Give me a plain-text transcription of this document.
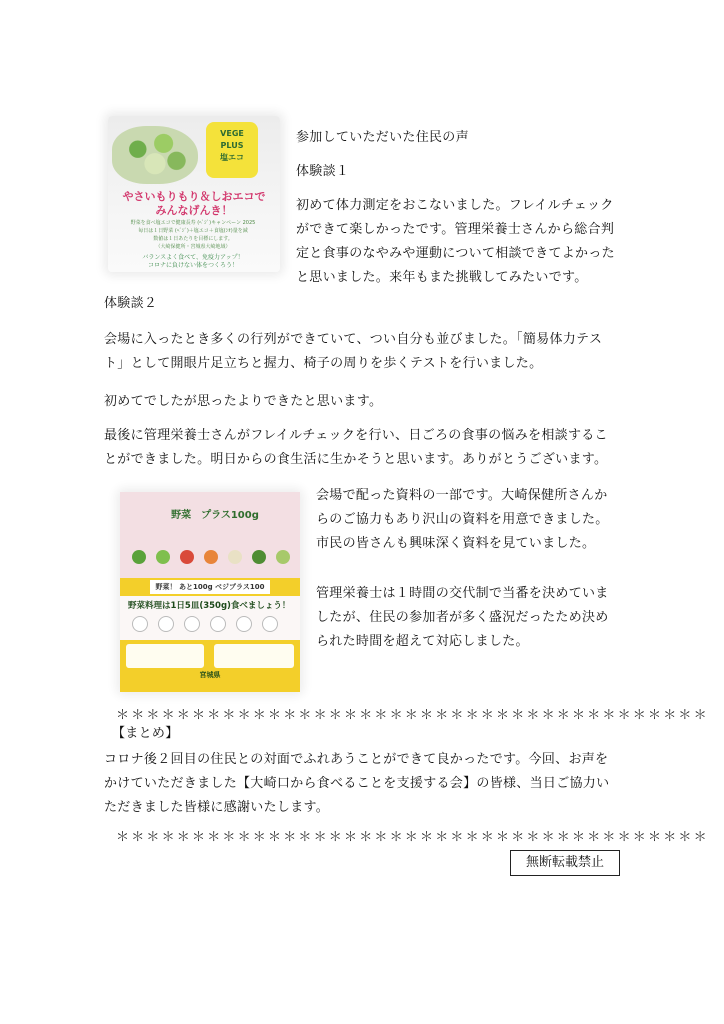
VEGE
PLUS
塩エコ
やさいもりもり＆しおエコで
みんなげんき！
野菜を食べ塩エコで健康長寿 (ﾍﾞｼﾞ)キャンペーン 2025
毎日は１日野菜 (ﾍﾞｼﾞ)＋塩エコ＋食塩(ｼｵ)量を減
数値は１日あたりを目標にします。
（大崎保健所・宮城県大崎地域）
バランスよく食べて、免疫力アップ！
コロナに負けない体をつくろう！

参加していただいた住民の声

体験談１

初めて体力測定をおこないました。フレイルチェック
ができて楽しかったです。管理栄養士さんから総合判
定と食事のなやみや運動について相談できてよかった
と思いました。来年もまた挑戦してみたいです。

体験談２

会場に入ったとき多くの行列ができていて、つい自分も並びました。「簡易体力テス
ト」として開眼片足立ちと握力、椅子の周りを歩くテストを行いました。

初めてでしたが思ったよりできたと思います。

最後に管理栄養士さんがフレイルチェックを行い、日ごろの食事の悩みを相談するこ
とができました。明日からの食生活に生かそうと思います。ありがとうございます。
野菜　プラス100g
野菜！ あと100g ベジプラス100
野菜料理は1日5皿(350g)食べましょう！
宮城県
会場で配った資料の一部です。大崎保健所さんか
らのご協力もあり沢山の資料を用意できました。
市民の皆さんも興味深く資料を見ていました。
管理栄養士は１時間の交代制で当番を決めていま
したが、住民の参加者が多く盛況だったため決め
られた時間を超えて対応しました。
＊＊＊＊＊＊＊＊＊＊＊＊＊＊＊＊＊＊＊＊＊＊＊＊＊＊＊＊＊＊＊＊＊＊＊＊＊＊＊

【まとめ】

コロナ後２回目の住民との対面でふれあうことができて良かったです。今回、お声を
かけていただきました【大崎口から食べることを支援する会】の皆様、当日ご協力い
ただきました皆様に感謝いたします。
＊＊＊＊＊＊＊＊＊＊＊＊＊＊＊＊＊＊＊＊＊＊＊＊＊＊＊＊＊＊＊＊＊＊＊＊＊＊＊
無断転載禁止
